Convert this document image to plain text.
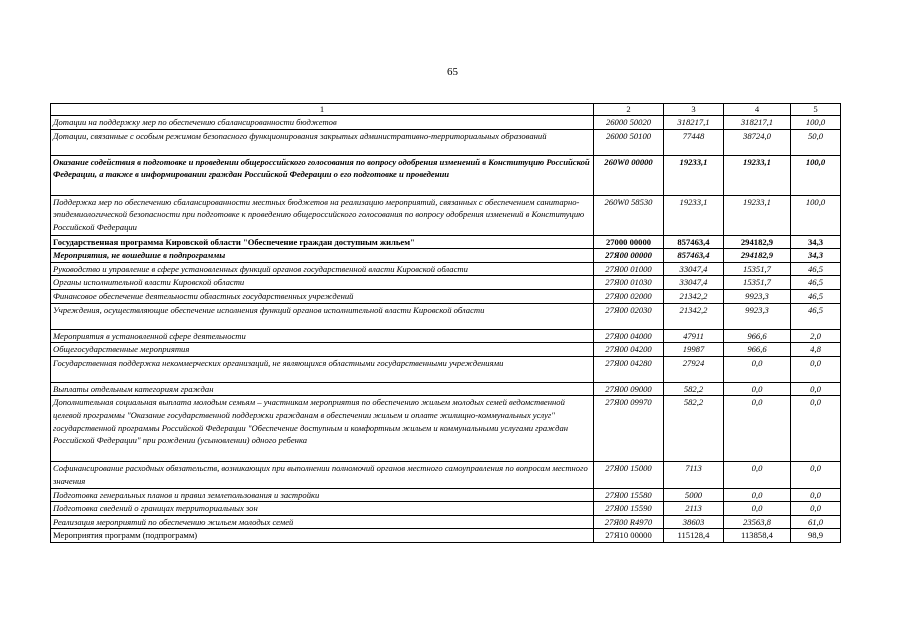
65
1	2	3	4	5
Дотации на поддержку мер по обеспечению сбалансированности бюджетов	26000 50020	318217,1	318217,1	100,0
Дотации, связанные с особым режимом безопасного функционирования закрытых административно-территориальных образований	26000 50100	77448	38724,0	50,0
Оказание содействия в подготовке и проведении общероссийского голосования по вопросу одобрения изменений в Конституцию Российской Федерации, а также в информировании граждан Российской Федерации о его подготовке и проведении	260W0 00000	19233,1	19233,1	100,0
Поддержка мер по обеспечению сбалансированности местных бюджетов на реализацию мероприятий, связанных с обеспечением санитарно-эпидемиологической безопасности при подготовке к проведению общероссийского голосования по вопросу одобрения изменений в Конституцию Российской Федерации	260W0 58530	19233,1	19233,1	100,0
Государственная программа Кировской области "Обеспечение граждан доступным жильем"	27000 00000	857463,4	294182,9	34,3
Мероприятия, не вошедшие в подпрограммы	27Я00 00000	857463,4	294182,9	34,3
Руководство и управление в сфере установленных функций органов государственной власти Кировской области	27Я00 01000	33047,4	15351,7	46,5
Органы исполнительной власти Кировской области	27Я00 01030	33047,4	15351,7	46,5
Финансовое обеспечение деятельности областных государственных учреждений	27Я00 02000	21342,2	9923,3	46,5
Учреждения, осуществляющие обеспечение исполнения функций органов исполнительной власти Кировской области	27Я00 02030	21342,2	9923,3	46,5
Мероприятия в установленной сфере деятельности	27Я00 04000	47911	966,6	2,0
Общегосударственные мероприятия	27Я00 04200	19987	966,6	4,8
Государственная поддержка некоммерческих организаций, не являющихся областными государственными учреждениями	27Я00 04280	27924	0,0	0,0
Выплаты отдельным категориям граждан	27Я00 09000	582,2	0,0	0,0
Дополнительная социальная выплата молодым семьям – участникам мероприятия по обеспечению жильем молодых семей ведомственной целевой программы "Оказание государственной поддержки гражданам в обеспечении жильем и оплате жилищно-коммунальных услуг" государственной программы Российской Федерации "Обеспечение доступным и комфортным жильем и коммунальными услугами граждан Российской Федерации" при рождении (усыновлении) одного ребенка	27Я00 09970	582,2	0,0	0,0
Софинансирование расходных обязательств, возникающих при выполнении полномочий органов местного самоуправления по вопросам местного значения	27Я00 15000	7113	0,0	0,0
Подготовка генеральных планов и правил землепользования и застройки	27Я00 15580	5000	0,0	0,0
Подготовка сведений о границах территориальных зон	27Я00 15590	2113	0,0	0,0
Реализация мероприятий по обеспечению жильем молодых семей	27Я00 R4970	38603	23563,8	61,0
Мероприятия программ (подпрограмм)	27Я10 00000	115128,4	113858,4	98,9
